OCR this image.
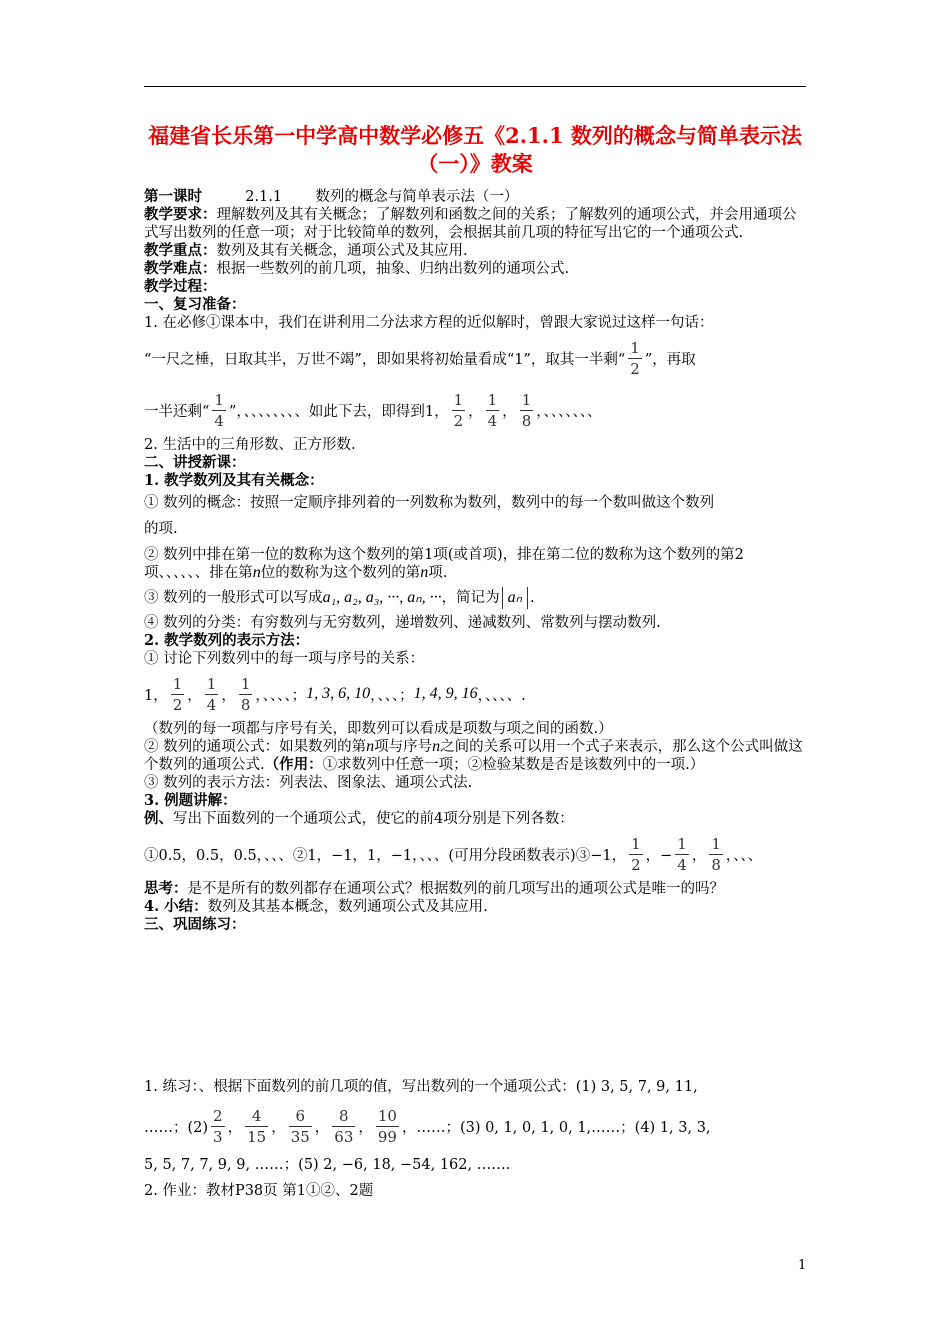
福建省长乐第一中学高中数学必修五《2.1.1 数列的概念与简单表示法（一）》教案
第一课时	2.1.1 数列的概念与简单表示法（一）
教学要求：理解数列及其有关概念；了解数列和函数之间的关系；了解数列的通项公式，并会用通项公式写出数列的任意一项；对于比较简单的数列，会根据其前几项的特征写出它的一个通项公式.
教学重点：数列及其有关概念，通项公式及其应用.
教学难点：根据一些数列的前几项，抽象、归纳出数列的通项公式.
教学过程：
一、复习准备：
1. 在必修①课本中，我们在讲利用二分法求方程的近似解时，曾跟大家说过这样一句话：
“一尺之棰，日取其半，万世不竭”，即如果将初始量看成“1”，取其一半剩“ $\frac{1}{2}$ ”，再取
一半还剩“ $\frac{1}{4}$ ”，、、、、、、、、如此下去，即得到1， $\frac{1}{2}$ ， $\frac{1}{4}$ ， $\frac{1}{8}$ ，、、、、、、、
2. 生活中的三角形数、正方形数.
二、讲授新课：
1. 教学数列及其有关概念：
① 数列的概念：按照一定顺序排列着的一列数称为数列，数列中的每一个数叫做这个数列
的项.
② 数列中排在第一位的数称为这个数列的第1项(或首项)，排在第二位的数称为这个数列的第2项、、、、、、排在第n位的数称为这个数列的第n项.
③ 数列的一般形式可以写成 a₁, a₂, a₃, ···, aₙ, ··· ，简记为 aₙ .
④ 数列的分类：有穷数列与无穷数列，递增数列、递减数列、常数列与摆动数列.
2. 教学数列的表示方法：
① 讨论下列数列中的每一项与序号的关系：
1， $\frac{1}{2}$ ， $\frac{1}{4}$ ， $\frac{1}{8}$ ，、、、、； 1, 3, 6, 10 ，、、、； 1, 4, 9, 16 ，、、、、.
（数列的每一项都与序号有关，即数列可以看成是项数与项之间的函数.）
② 数列的通项公式：如果数列的第n项与序号n之间的关系可以用一个式子来表示，那么这个公式叫做这个数列的通项公式.（作用：①求数列中任意一项；②检验某数是否是该数列中的一项.）
③ 数列的表示方法：列表法、图象法、通项公式法.
3. 例题讲解：
例、写出下面数列的一个通项公式，使它的前4项分别是下列各数：
①0.5，0.5，0.5，、、、②1，−1，1，−1，、、、(可用分段函数表示)③−1， $\frac{1}{2}$ ，− $\frac{1}{4}$ ， $\frac{1}{8}$ ，、、、
思考：是不是所有的数列都存在通项公式？根据数列的前几项写出的通项公式是唯一的吗？
4. 小结：数列及其基本概念，数列通项公式及其应用.
三、巩固练习：
1. 练习：、根据下面数列的前几项的值，写出数列的一个通项公式：(1) 3, 5, 7, 9, 11,
……；$(2) \frac{2}{3}$ ， $\frac{4}{15}$ ， $\frac{6}{35}$ ， $\frac{8}{63}$ ， $\frac{10}{99}$ ，……；(3) 0, 1, 0, 1, 0, 1,……；(4) 1, 3, 3,
5, 5, 7, 7, 9, 9, ……；(5) 2, −6, 18, −54, 162, …….
2. 作业：教材P38页 第1①②、2题
1
